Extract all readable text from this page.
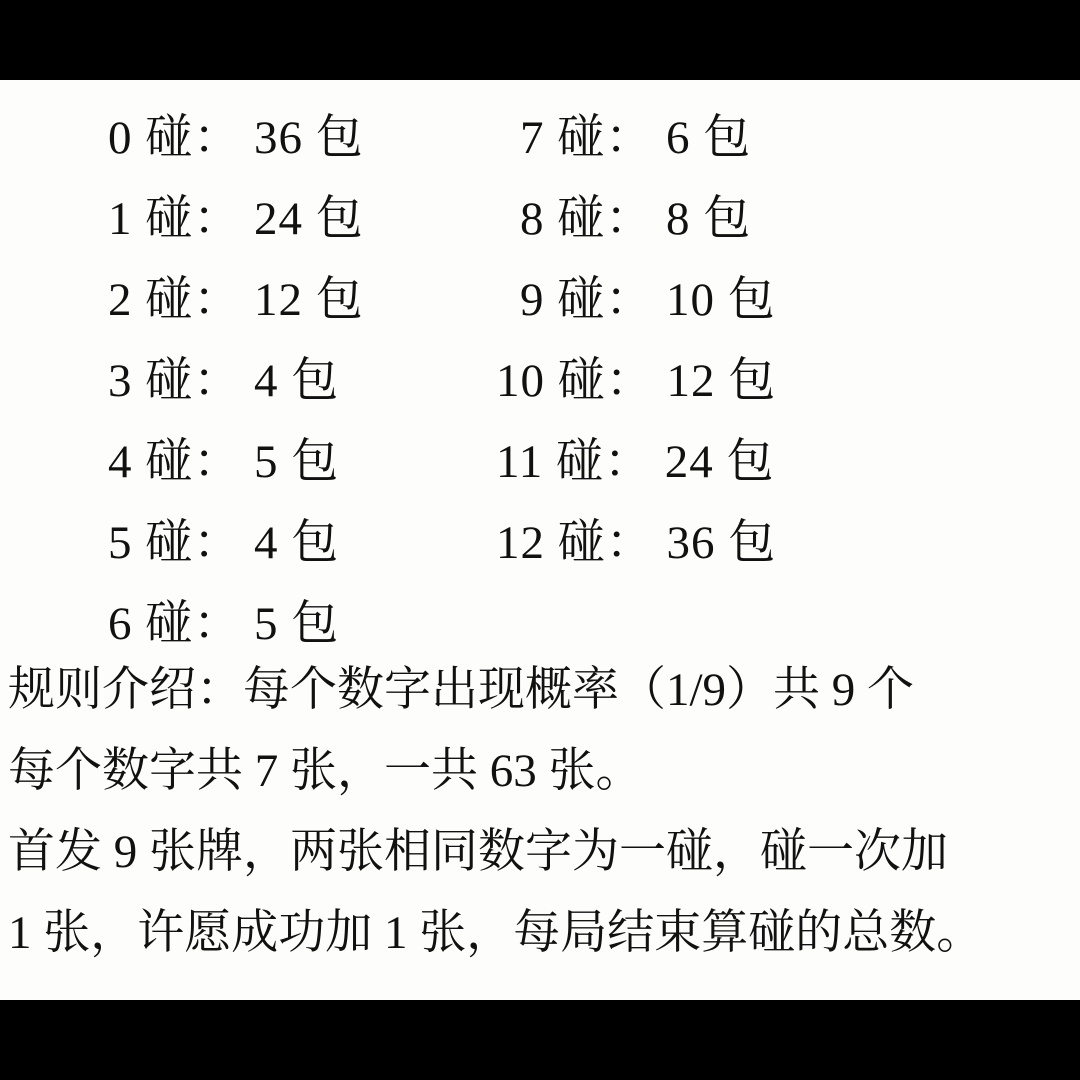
0 碰： 36 包	7 碰： 6 包
1 碰： 24 包	8 碰： 8 包
2 碰： 12 包	9 碰： 10 包
3 碰： 4 包	10 碰： 12 包
4 碰： 5 包	11 碰： 24 包
5 碰： 4 包	12 碰： 36 包
6 碰： 5 包
规则介绍：每个数字出现概率（1/9）共 9 个
每个数字共 7 张，一共 63 张。
首发 9 张牌，两张相同数字为一碰，碰一次加
1 张，许愿成功加 1 张，每局结束算碰的总数。
